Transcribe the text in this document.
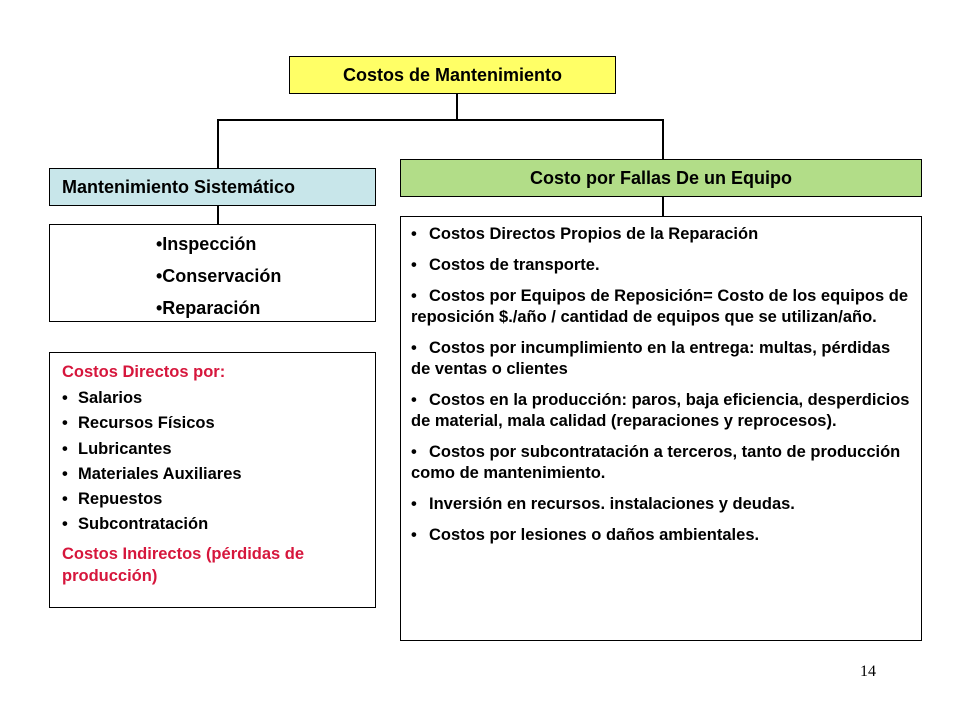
Costos de Mantenimiento
Mantenimiento Sistemático	Costo por Fallas De un Equipo
•Inspección
•Conservación
•Reparación
Costos Directos por:
• Salarios
• Recursos Físicos
• Lubricantes
• Materiales Auxiliares
• Repuestos
• Subcontratación
Costos Indirectos (pérdidas de producción)

• Costos Directos Propios de la Reparación

• Costos de transporte.

• Costos por Equipos de Reposición= Costo de los equipos de reposición $./año / cantidad de equipos que se utilizan/año.

• Costos por incumplimiento en la entrega: multas, pérdidas de ventas o clientes

• Costos en la producción: paros, baja eficiencia, desperdicios de material, mala calidad (reparaciones y reprocesos).

• Costos por subcontratación a terceros, tanto de producción como de mantenimiento.

• Inversión en recursos. instalaciones y deudas.

• Costos por lesiones o daños ambientales.

14
